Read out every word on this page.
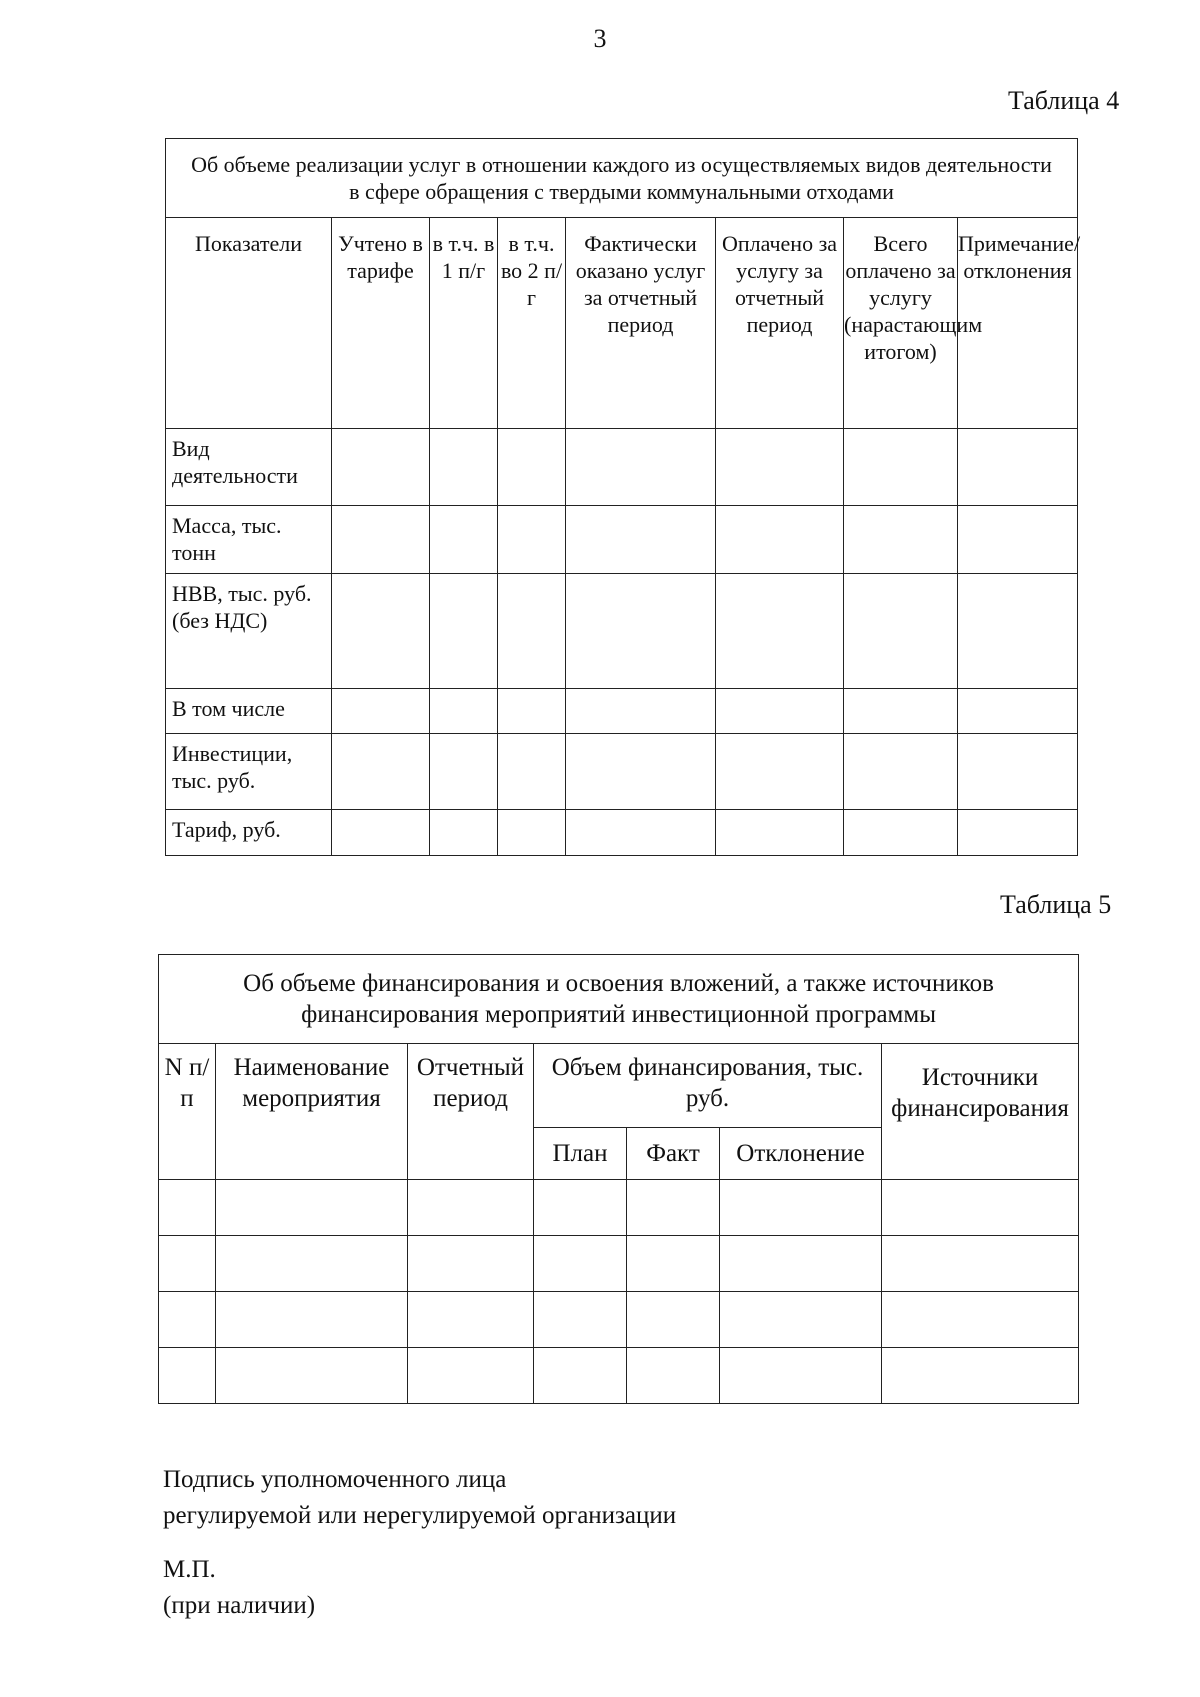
3
Таблица 4
Об объеме реализации услуг в отношении каждого из осуществляемых видов деятельности в сфере обращения с твердыми коммунальными отходами							
Показатели	Учтено в тарифе	в т.ч. в 1 п/г	в т.ч. во 2 п/г	Фактически оказано услуг за отчетный период	Оплачено за услугу за отчетный период	Всего оплачено за услугу (нарастающим итогом)	Примечание/отклонения
Вид деятельности							
Масса, тыс. тонн							
НВВ, тыс. руб. (без НДС)							
В том числе							
Инвестиции, тыс. руб.							
Тариф, руб.							
Таблица 5
Об объеме финансирования и освоения вложений, а также источников финансирования мероприятий инвестиционной программы						
N п/п	Наименование мероприятия	Отчетный период	Объем финансирования, тыс. руб.			Источники финансирования
			План	Факт	Отклонение	

Подпись уполномоченного лица
регулируемой или нерегулируемой организации
М.П.
(при наличии)
